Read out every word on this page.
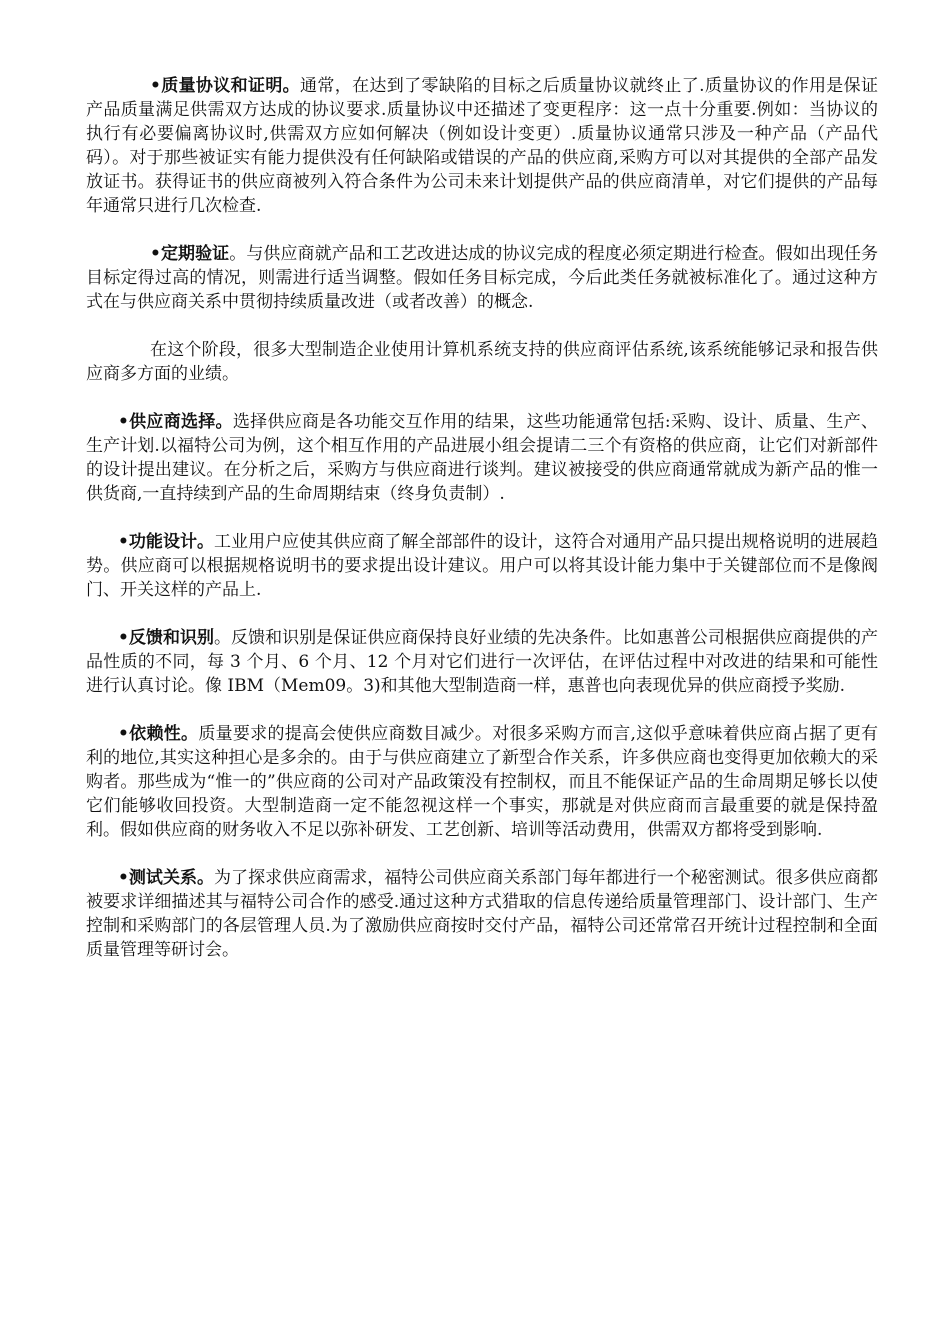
•质量协议和证明。通常，在达到了零缺陷的目标之后质量协议就终止了.质量协议的作用是保证产品质量满足供需双方达成的协议要求.质量协议中还描述了变更程序：这一点十分重要.例如：当协议的执行有必要偏离协议时,供需双方应如何解决（例如设计变更）.质量协议通常只涉及一种产品（产品代码）。对于那些被证实有能力提供没有任何缺陷或错误的产品的供应商,采购方可以对其提供的全部产品发放证书。获得证书的供应商被列入符合条件为公司未来计划提供产品的供应商清单，对它们提供的产品每年通常只进行几次检查.

•定期验证。与供应商就产品和工艺改进达成的协议完成的程度必须定期进行检查。假如出现任务目标定得过高的情况，则需进行适当调整。假如任务目标完成，今后此类任务就被标准化了。通过这种方式在与供应商关系中贯彻持续质量改进（或者改善）的概念.

在这个阶段，很多大型制造企业使用计算机系统支持的供应商评估系统,该系统能够记录和报告供应商多方面的业绩。

•供应商选择。选择供应商是各功能交互作用的结果，这些功能通常包括:采购、设计、质量、生产、生产计划.以福特公司为例，这个相互作用的产品进展小组会提请二三个有资格的供应商，让它们对新部件的设计提出建议。在分析之后，采购方与供应商进行谈判。建议被接受的供应商通常就成为新产品的惟一供货商,一直持续到产品的生命周期结束（终身负责制）.

•功能设计。工业用户应使其供应商了解全部部件的设计，这符合对通用产品只提出规格说明的进展趋势。供应商可以根据规格说明书的要求提出设计建议。用户可以将其设计能力集中于关键部位而不是像阀门、开关这样的产品上.

•反馈和识别。反馈和识别是保证供应商保持良好业绩的先决条件。比如惠普公司根据供应商提供的产品性质的不同，每 3 个月、6 个月、12 个月对它们进行一次评估，在评估过程中对改进的结果和可能性进行认真讨论。像 IBM（Mem09。3)和其他大型制造商一样，惠普也向表现优异的供应商授予奖励.

•依赖性。质量要求的提高会使供应商数目减少。对很多采购方而言,这似乎意味着供应商占据了更有利的地位,其实这种担心是多余的。由于与供应商建立了新型合作关系，许多供应商也变得更加依赖大的采购者。那些成为“惟一的”供应商的公司对产品政策没有控制权，而且不能保证产品的生命周期足够长以使它们能够收回投资。大型制造商一定不能忽视这样一个事实，那就是对供应商而言最重要的就是保持盈利。假如供应商的财务收入不足以弥补研发、工艺创新、培训等活动费用，供需双方都将受到影响.

•测试关系。为了探求供应商需求，福特公司供应商关系部门每年都进行一个秘密测试。很多供应商都被要求详细描述其与福特公司合作的感受.通过这种方式猎取的信息传递给质量管理部门、设计部门、生产控制和采购部门的各层管理人员.为了激励供应商按时交付产品，福特公司还常常召开统计过程控制和全面质量管理等研讨会。
